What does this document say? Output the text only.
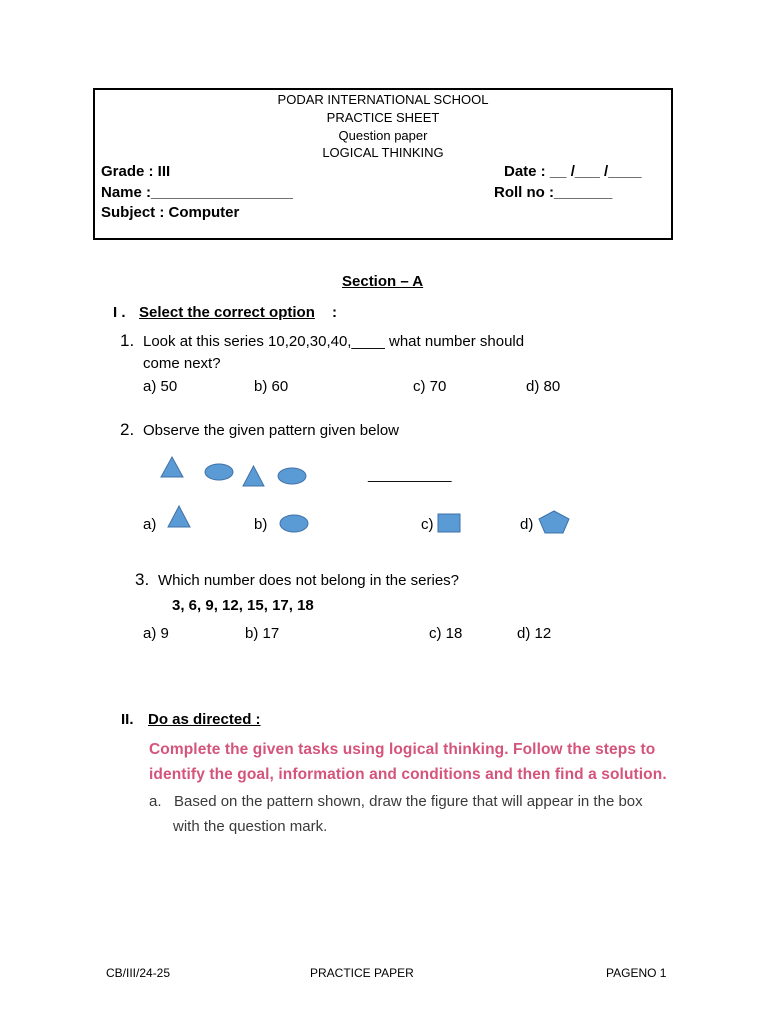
PODAR INTERNATIONAL SCHOOL
PRACTICE SHEET
Question paper
LOGICAL THINKING
Grade : III	Date : __ /___ /____
Name :_________________	Roll no :_______
Subject : Computer
Section – A
I . Select the correct option :
1. Look at this series 10,20,30,40,____ what number should
come next?
a) 50	b) 60	c) 70	d) 80
2. Observe the given pattern given below
__________
a)	b)	c)	d)
3. Which number does not belong in the series?
3, 6, 9, 12, 15, 17, 18
a) 9	b) 17	c) 18	d) 12
II. Do as directed :
Complete the given tasks using logical thinking. Follow the steps to
identify the goal, information and conditions and then find a solution.
a.   Based on the pattern shown, draw the figure that will appear in the box
with the question mark.
CB/III/24-25	PRACTICE PAPER	PAGENO 1
